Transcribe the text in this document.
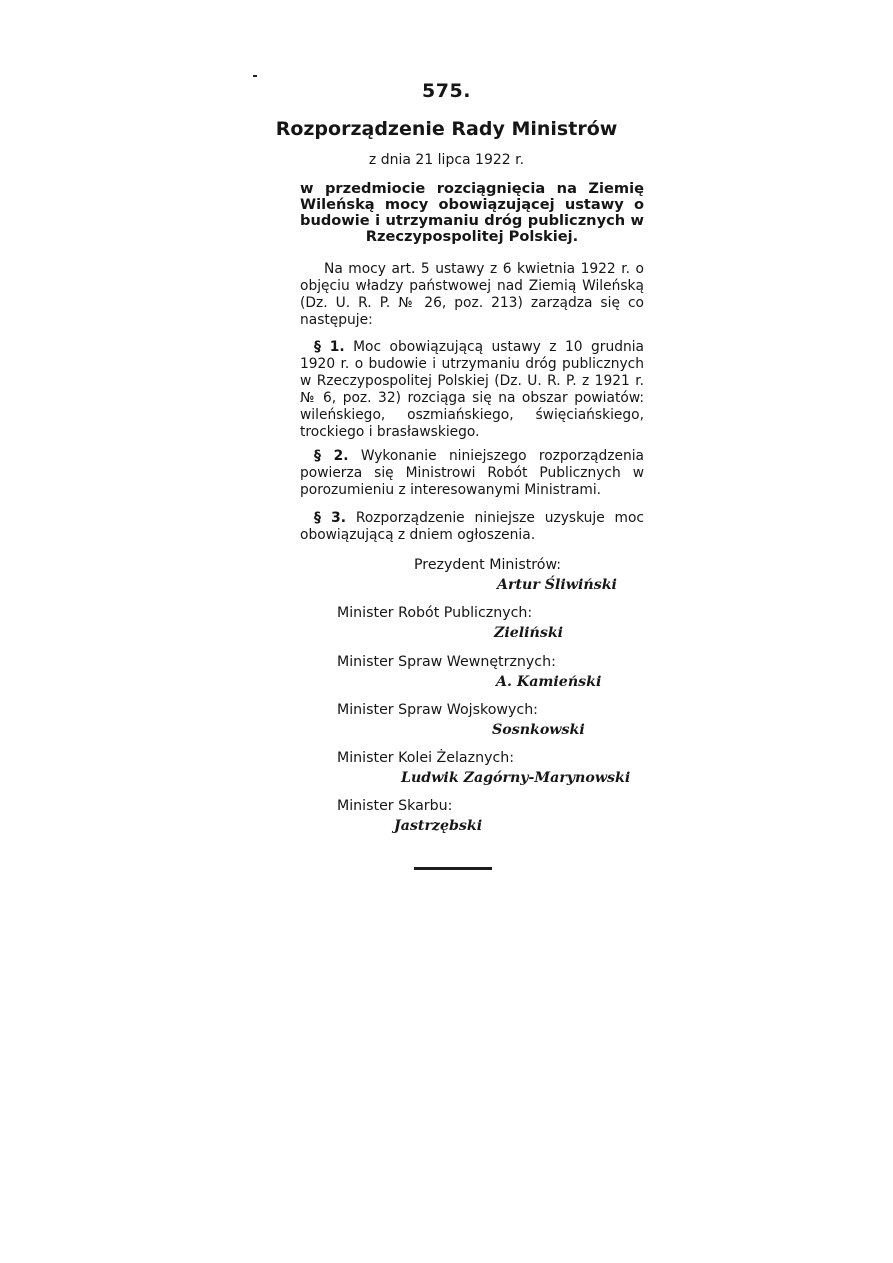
575.
Rozporządzenie Rady Ministrów
z dnia 21 lipca 1922 r.
w przedmiocie rozciągnięcia na Ziemię Wileńską mocy obowiązującej ustawy o budowie i utrzymaniu dróg publicznych w Rzeczypospolitej Polskiej.
Na mocy art. 5 ustawy z 6 kwietnia 1922 r. o objęciu władzy państwowej nad Ziemią Wileńską (Dz. U. R. P. № 26, poz. 213) zarządza się co następuje:
§ 1. Moc obowiązującą ustawy z 10 grudnia 1920 r. o budowie i utrzymaniu dróg publicznych w Rzeczypospolitej Polskiej (Dz. U. R. P. z 1921 r. № 6, poz. 32) rozciąga się na obszar powiatów: wileńskiego, oszmiańskiego, święciańskiego, trockiego i brasławskiego.
§ 2. Wykonanie niniejszego rozporządzenia powierza się Ministrowi Robót Publicznych w porozumieniu z interesowanymi Ministrami.
§ 3. Rozporządzenie niniejsze uzyskuje moc obowiązującą z dniem ogłoszenia.
Prezydent Ministrów:
Artur Śliwiński
Minister Robót Publicznych:
Zieliński
Minister Spraw Wewnętrznych:
A. Kamieński
Minister Spraw Wojskowych:
Sosnkowski
Minister Kolei Żelaznych:
Ludwik Zagórny-Marynowski
Minister Skarbu:
Jastrzębski
